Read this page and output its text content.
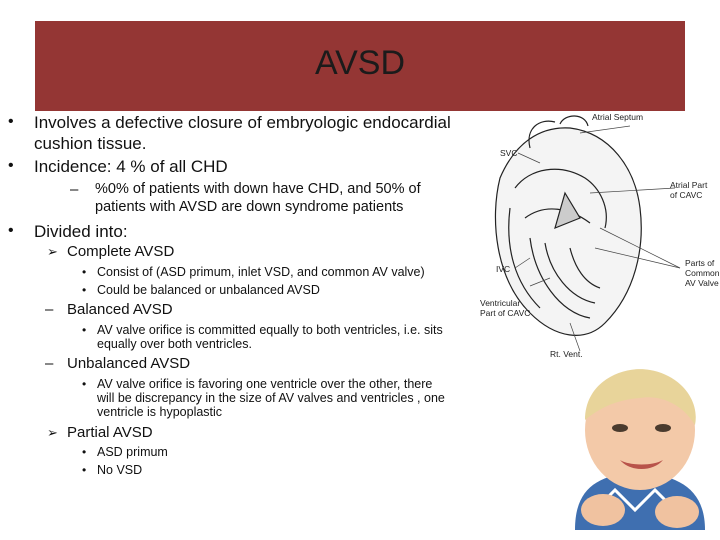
AVSD
• Involves a defective closure of embryologic endocardial
cushion tissue.
• Incidence: 4 % of all CHD
– %0% of patients with down have CHD, and 50% of
patients with AVSD are down syndrome patients
• Divided into:
➢ Complete AVSD
• Consist of (ASD primum, inlet VSD, and common AV valve)
• Could be balanced or unbalanced AVSD
– Balanced AVSD
• AV valve orifice is committed equally to both ventricles, i.e. sits
equally over both ventricles.
– Unbalanced AVSD
• AV valve orifice is favoring one ventricle over the other, there
will be discrepancy in the size of AV valves and ventricles , one
ventricle is hypoplastic
➢ Partial AVSD
• ASD primum
• No VSD
Atrial Septum
SVC
Atrial Part
of CAVC
IVC
Parts of
Common
AV Valve
Ventricular
Part of CAVC
Rt. Vent.
